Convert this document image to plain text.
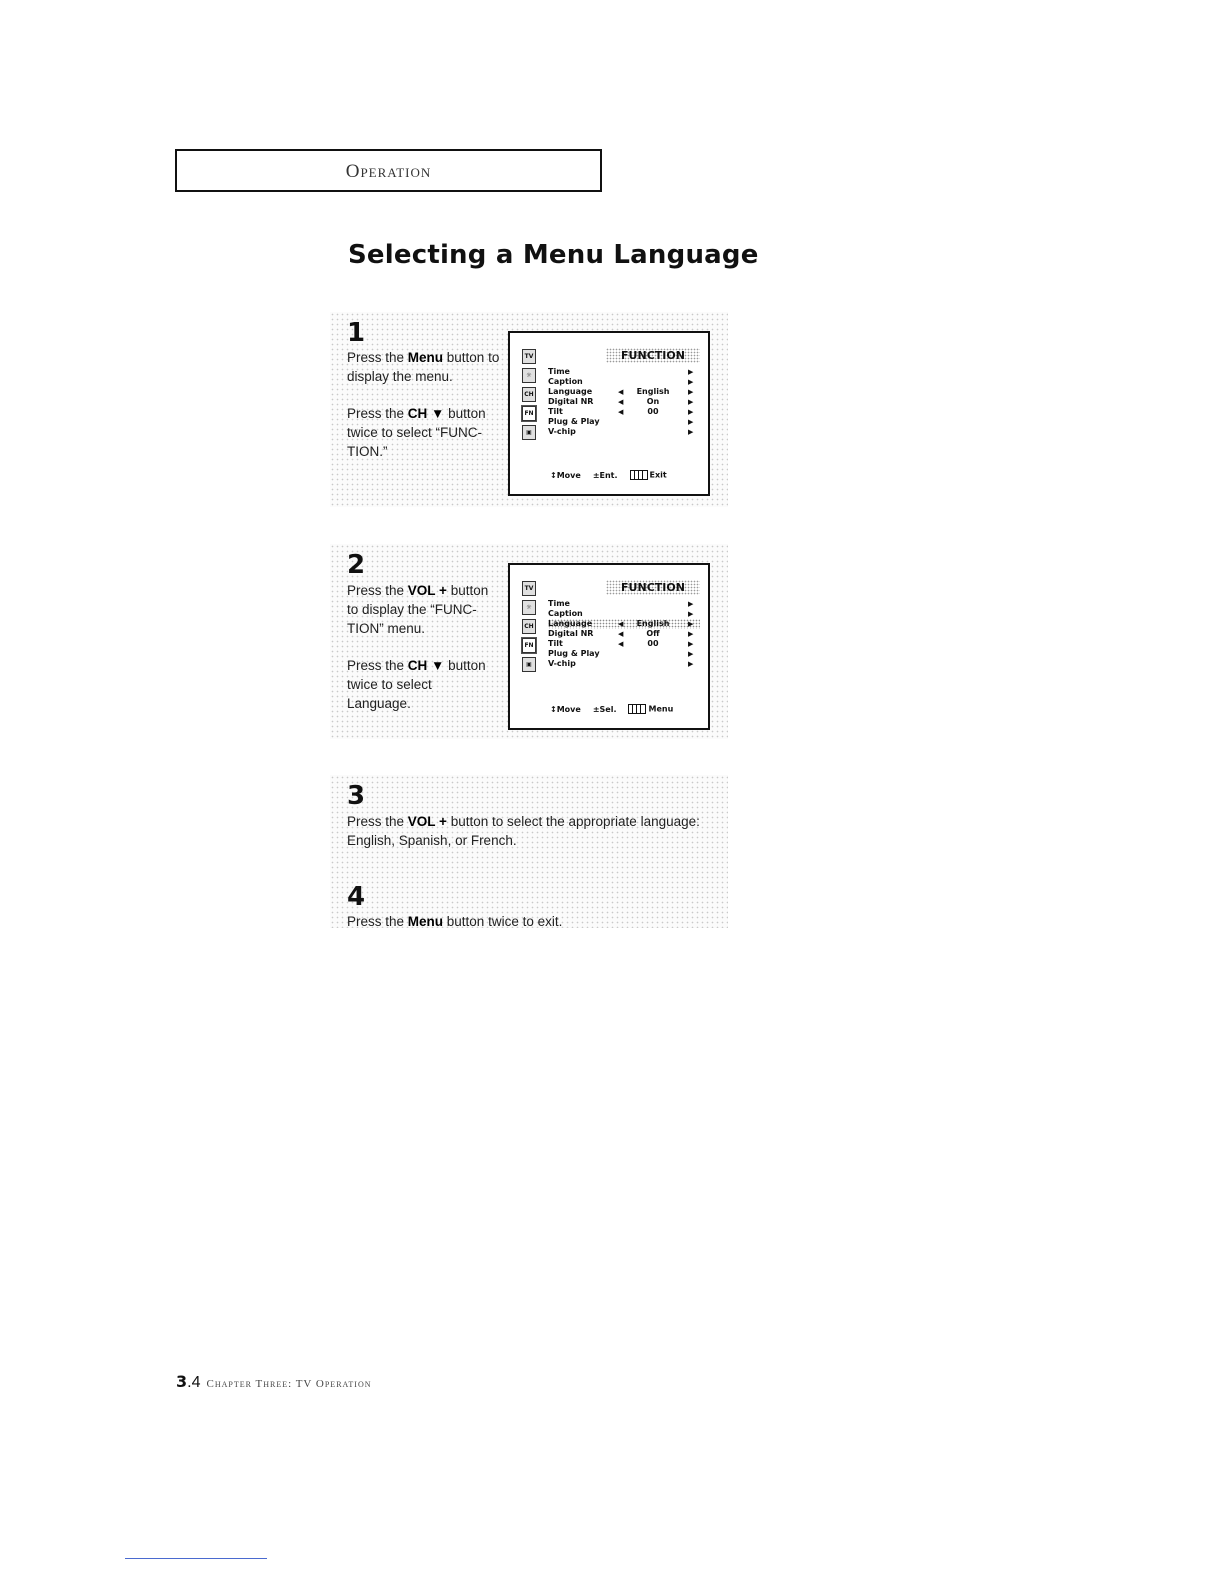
Operation
Selecting a Menu Language
1
Press the Menu button to display the menu.
Press the CH ▼ button twice to select “FUNC-TION.”
TV
☼
CH
FN
▣
FUNCTION
Time	▶
Caption	▶
Language	◀	English	▶
Digital NR	◀	On	▶
Tilt	◀	00	▶
Plug & Play	▶
V-chip	▶
↕Move ±Ent.	Exit
2
Press the VOL + button to display the “FUNC-TION” menu.
Press the CH ▼ button twice to select Language.
TV
☼
CH
FN
▣
FUNCTION
Time	▶
Caption	▶
Language	◀	English	▶
Digital NR	◀	Off	▶
Tilt	◀	00	▶
Plug & Play	▶
V-chip	▶
↕Move ±Sel.	Menu
3
Press the VOL + button to select the appropriate language: English, Spanish, or French.
4
Press the Menu button twice to exit.
3.4 Chapter Three: TV Operation
